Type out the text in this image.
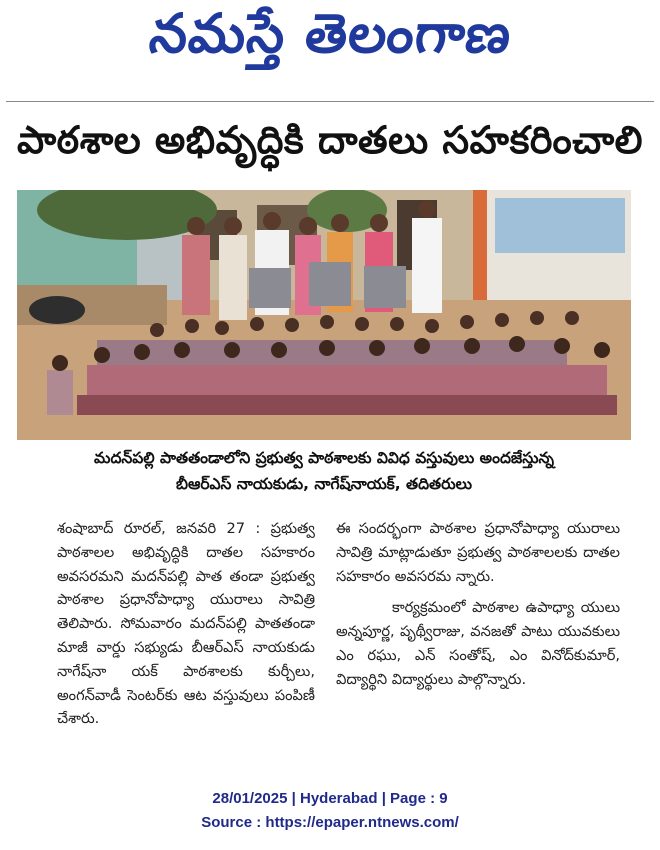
నమస్తే తెలంగాణ
పాఠశాల అభివృద్ధికి దాతలు సహకరించాలి
మదన్‌పల్లి పాతతండాలోని ప్రభుత్వ పాఠశాలకు వివిధ వస్తువులు అందజేస్తున్న
బీఆర్ఎస్ నాయకుడు, నాగేష్‌నాయక్, తదితరులు

శంషాబాద్ రూరల్, జనవరి 27 : ప్రభుత్వ పాఠశాలల అభివృద్ధికి దాతల సహకారం అవసరమని మదన్‌పల్లి పాత తండా ప్రభుత్వ పాఠశాల ప్రధానోపాధ్యా యురాలు సావిత్రి తెలిపారు. సోమవారం మదన్‌పల్లి పాతతండా మాజీ వార్డు సభ్యుడు బీఆర్ఎస్ నాయకుడు నాగేష్‌నా యక్ పాఠశాలకు కుర్చీలు, అంగన్‌వాడీ సెంటర్‌కు ఆట వస్తువులు పంపిణీ చేశారు.

ఈ సందర్భంగా పాఠశాల ప్రధానోపాధ్యా యురాలు సావిత్రి మాట్లాడుతూ ప్రభుత్వ పాఠశాలలకు దాతల సహకారం అవసరమ న్నారు.

కార్యక్రమంలో పాఠశాల ఉపాధ్యా యులు అన్నపూర్ణ, పృథ్వీరాజు, వనజతో పాటు యువకులు ఎం రఘు, ఎన్ సంతోష్, ఎం వినోద్‌కుమార్, విద్యార్థిని విద్యార్థులు పాల్గొన్నారు.

28/01/2025 | Hyderabad | Page : 9
Source : https://epaper.ntnews.com/
